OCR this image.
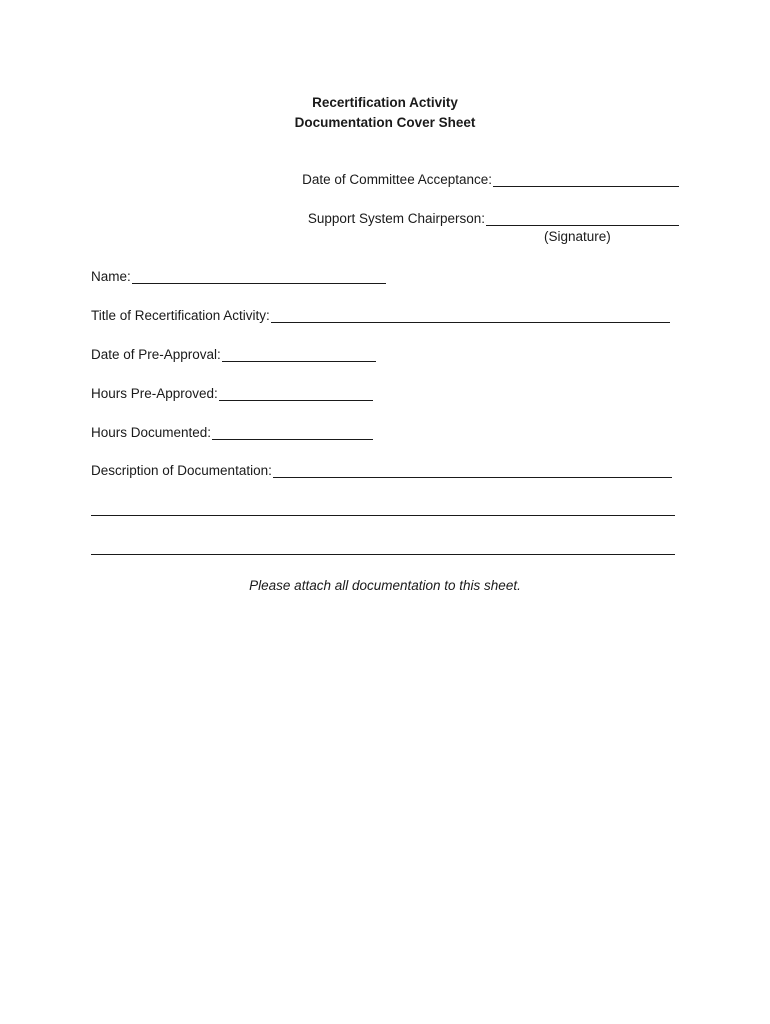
Recertification Activity
Documentation Cover Sheet
Date of Committee Acceptance:
Support System Chairperson:
(Signature)
Name:
Title of Recertification Activity:
Date of Pre-Approval:
Hours Pre-Approved:
Hours Documented:
Description of Documentation:
Please attach all documentation to this sheet.
